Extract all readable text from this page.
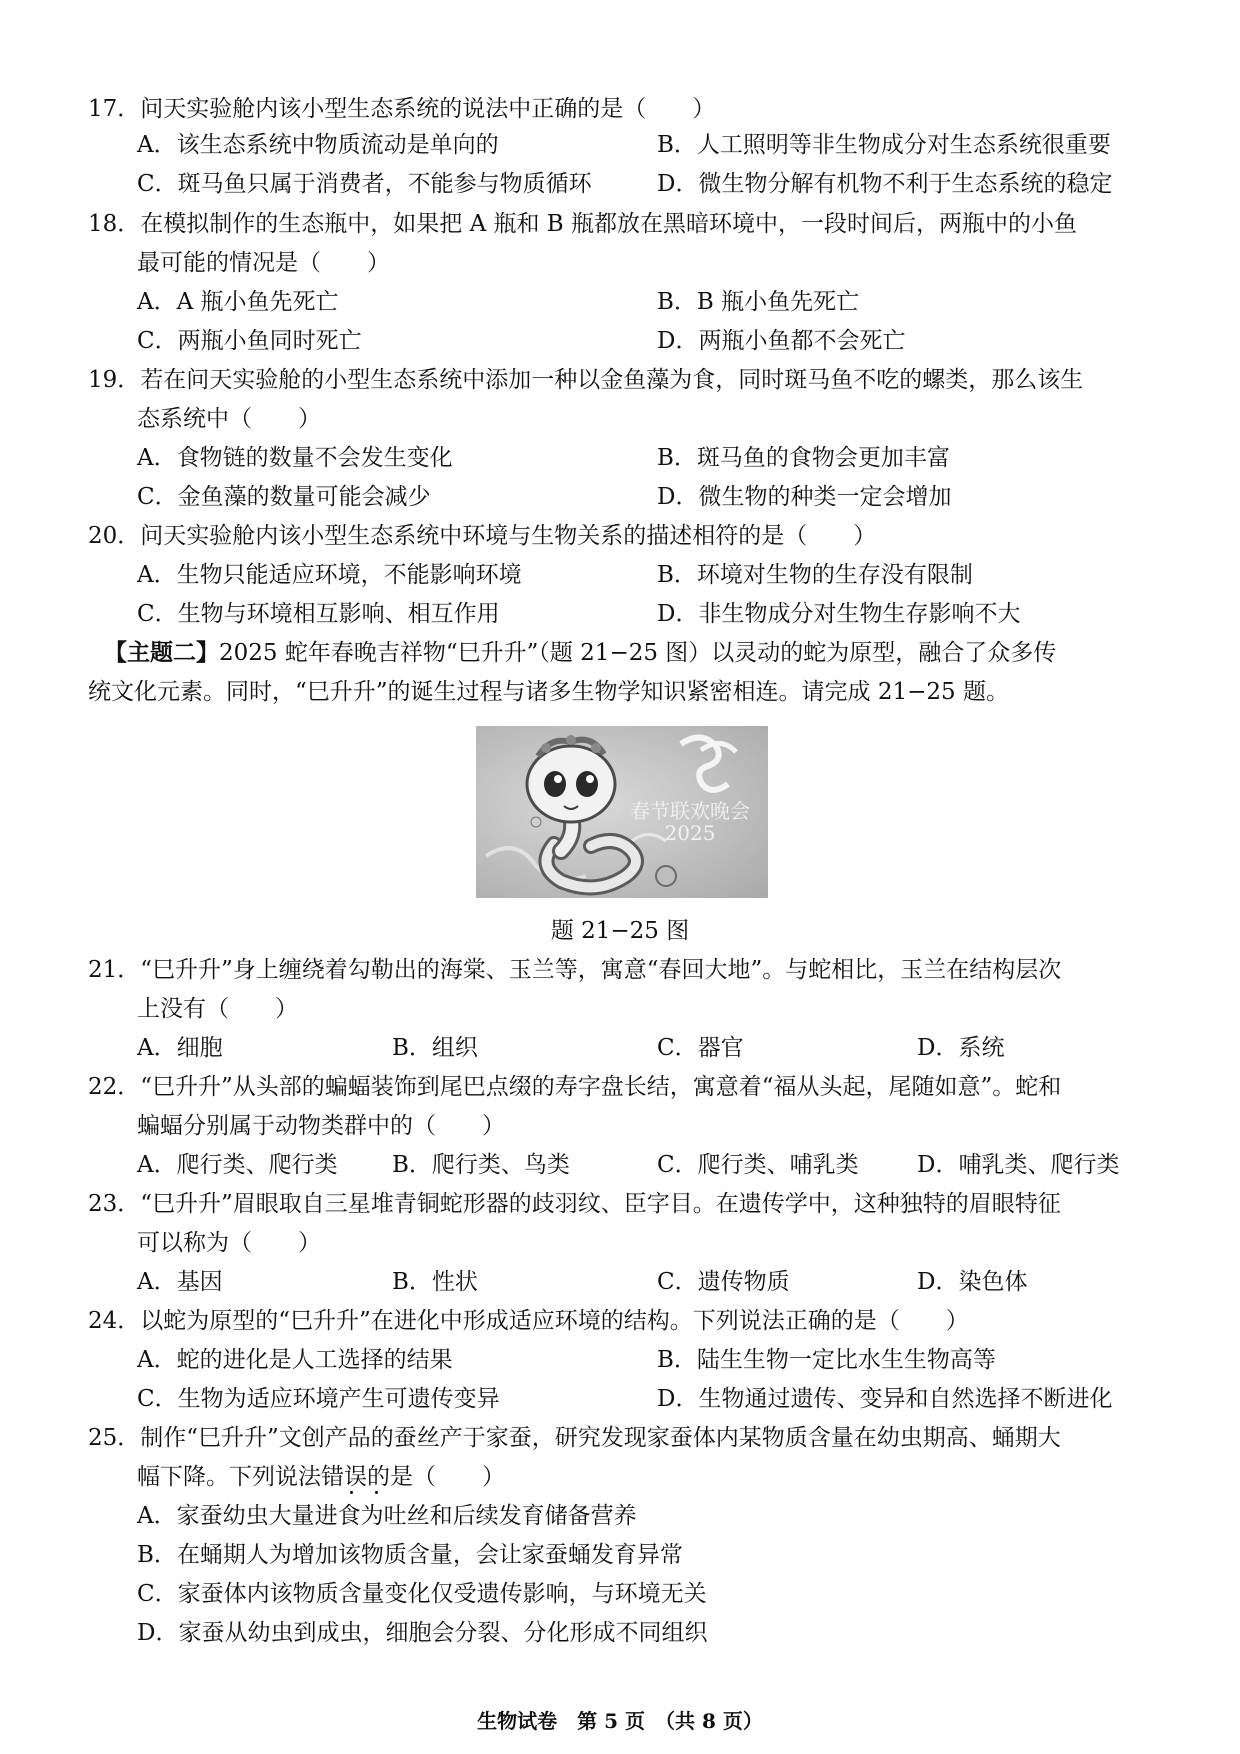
17．问天实验舱内该小型生态系统的说法中正确的是（　　）
A．该生态系统中物质流动是单向的	B．人工照明等非生物成分对生态系统很重要
C．斑马鱼只属于消费者，不能参与物质循环	D．微生物分解有机物不利于生态系统的稳定
18．在模拟制作的生态瓶中，如果把 A 瓶和 B 瓶都放在黑暗环境中，一段时间后，两瓶中的小鱼
最可能的情况是（　　）
A．A 瓶小鱼先死亡	B．B 瓶小鱼先死亡
C．两瓶小鱼同时死亡	D．两瓶小鱼都不会死亡
19．若在问天实验舱的小型生态系统中添加一种以金鱼藻为食，同时斑马鱼不吃的螺类，那么该生
态系统中（　　）
A．食物链的数量不会发生变化	B．斑马鱼的食物会更加丰富
C．金鱼藻的数量可能会减少	D．微生物的种类一定会增加
20．问天实验舱内该小型生态系统中环境与生物关系的描述相符的是（　　）
A．生物只能适应环境，不能影响环境	B．环境对生物的生存没有限制
C．生物与环境相互影响、相互作用	D．非生物成分对生物生存影响不大
【主题二】2025 蛇年春晚吉祥物“巳升升”（题 21−25 图）以灵动的蛇为原型，融合了众多传
统文化元素。同时，“巳升升”的诞生过程与诸多生物学知识紧密相连。请完成 21−25 题。
春节联欢晚会
2025
题 21−25 图
21．“巳升升”身上缠绕着勾勒出的海棠、玉兰等，寓意“春回大地”。与蛇相比，玉兰在结构层次
上没有（　　）
A．细胞	B．组织	C．器官	D．系统
22．“巳升升”从头部的蝙蝠装饰到尾巴点缀的寿字盘长结，寓意着“福从头起，尾随如意”。蛇和
蝙蝠分别属于动物类群中的（　　）
A．爬行类、爬行类 B．爬行类、鸟类	C．爬行类、哺乳类	D．哺乳类、爬行类
23．“巳升升”眉眼取自三星堆青铜蛇形器的歧羽纹、臣字目。在遗传学中，这种独特的眉眼特征
可以称为（　　）
A．基因	B．性状	C．遗传物质	D．染色体
24．以蛇为原型的“巳升升”在进化中形成适应环境的结构。下列说法正确的是（　　）
A．蛇的进化是人工选择的结果	B．陆生生物一定比水生生物高等
C．生物为适应环境产生可遗传变异	D．生物通过遗传、变异和自然选择不断进化
25．制作“巳升升”文创产品的蚕丝产于家蚕，研究发现家蚕体内某物质含量在幼虫期高、蛹期大
幅下降。下列说法错误的是（　　）
A．家蚕幼虫大量进食为吐丝和后续发育储备营养
B．在蛹期人为增加该物质含量，会让家蚕蛹发育异常
C．家蚕体内该物质含量变化仅受遗传影响，与环境无关
D．家蚕从幼虫到成虫，细胞会分裂、分化形成不同组织
生物试卷　第 5 页　（共 8 页）
